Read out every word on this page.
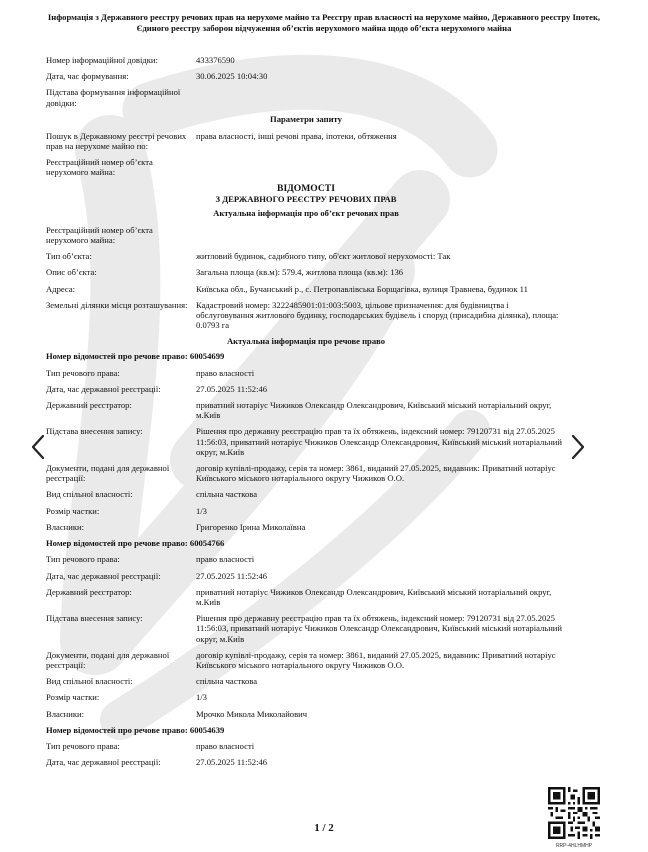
Інформація з Державного реєстру речових прав на нерухоме майно та Реєстру прав власності на нерухоме майно, Державного реєстру Іпотек, Єдиного реєстру заборон відчуження об’єктів нерухомого майна щодо об’єкта нерухомого майна
Номер інформаційної довідки:	433376590
Дата, час формування:	30.06.2025 10:04:30
Підстава формування інформаційної довідки:
Параметри запиту
Пошук в Державному реєстрі речових прав на нерухоме майно по:
права власності, інші речові права, іпотеки, обтяження
Реєстраційний номер об’єкта нерухомого майна:
ВІДОМОСТІ
З ДЕРЖАВНОГО РЕЄСТРУ РЕЧОВИХ ПРАВ
Актуальна інформація про об’єкт речових прав
Реєстраційний номер об’єкта нерухомого майна:
Тип об’єкта:	житловий будинок, садибного типу, об'єкт житлової нерухомості: Так
Опис об’єкта:	Загальна площа (кв.м): 579.4, житлова площа (кв.м): 136
Адреса:	Київська обл., Бучанський р., с. Петропавлівська Борщагівка, вулиця Травнева, будинок 11
Земельні ділянки місця розташування: Кадастровий номер: 3222485901:01:003:5003, цільове призначення: для будівництва і обслуговування житлового будинку, господарських будівель і споруд (присадибна ділянка), площа: 0.0793 га
Актуальна інформація про речове право
Номер відомостей про речове право: 60054699
Тип речового права:	право власності
Дата, час державної реєстрації:	27.05.2025 11:52:46
Державний реєстратор:	приватний нотаріус Чижиков Олександр Олександрович, Київський міський нотаріальний округ, м.Київ
Підстава внесення запису:	Рішення про державну реєстрацію прав та їх обтяжень, індексний номер: 79120731 від 27.05.2025 11:56:03, приватний нотаріус Чижиков Олександр Олександрович, Київський міський нотаріальний округ, м.Київ
Документи, подані для державної реєстрації:
договір купівлі-продажу, серія та номер: 3861, виданий 27.05.2025, видавник: Приватний нотаріус Київського міського нотаріального округу Чижиков О.О.
Вид спільної власності:	спільна часткова
Розмір частки:	1/3
Власники:	Григоренко Ірина Миколаївна
Номер відомостей про речове право: 60054766
Тип речового права:	право власності
Дата, час державної реєстрації:	27.05.2025 11:52:46
Державний реєстратор:	приватний нотаріус Чижиков Олександр Олександрович, Київський міський нотаріальний округ, м.Київ
Підстава внесення запису:	Рішення про державну реєстрацію прав та їх обтяжень, індексний номер: 79120731 від 27.05.2025 11:56:03, приватний нотаріус Чижиков Олександр Олександрович, Київський міський нотаріальний округ, м.Київ
Документи, подані для державної реєстрації:
договір купівлі-продажу, серія та номер: 3861, виданий 27.05.2025, видавник: Приватний нотаріус Київського міського нотаріального округу Чижиков О.О.
Вид спільної власності:	спільна часткова
Розмір частки:	1/3
Власники:	Мрочко Микола Миколайович
Номер відомостей про речове право: 60054639
Тип речового права:	право власності
Дата, час державної реєстрації:	27.05.2025 11:52:46
1 / 2
RRP-4HLHMHP
